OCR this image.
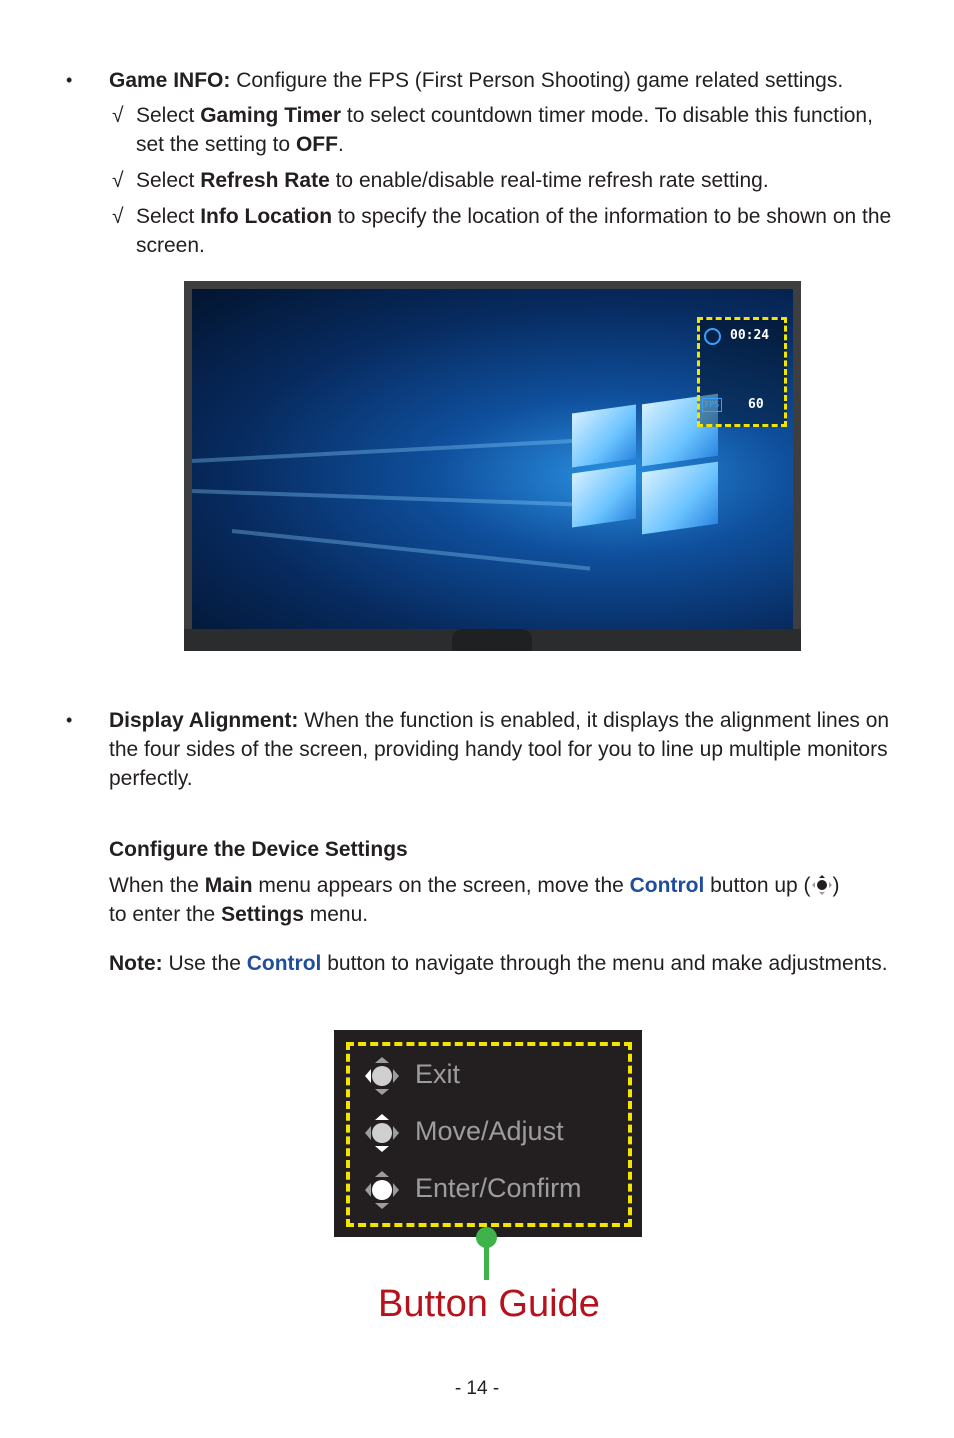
• Game INFO: Configure the FPS (First Person Shooting) game related settings.
√ Select Gaming Timer to select countdown timer mode. To disable this function, set the setting to OFF.
√ Select Refresh Rate to enable/disable real-time refresh rate setting.
√ Select Info Location to specify the location of the information to be shown on the screen.
00:24
FPS 60
• Display Alignment: When the function is enabled, it displays the alignment lines on the four sides of the screen, providing handy tool for you to line up multiple monitors perfectly.
Configure the Device Settings
When the Main menu appears on the screen, move the Control button up ( )
to enter the Settings menu.
Note: Use the Control button to navigate through the menu and make adjustments.
Exit
Move/Adjust
Enter/Confirm
Button Guide
- 14 -
